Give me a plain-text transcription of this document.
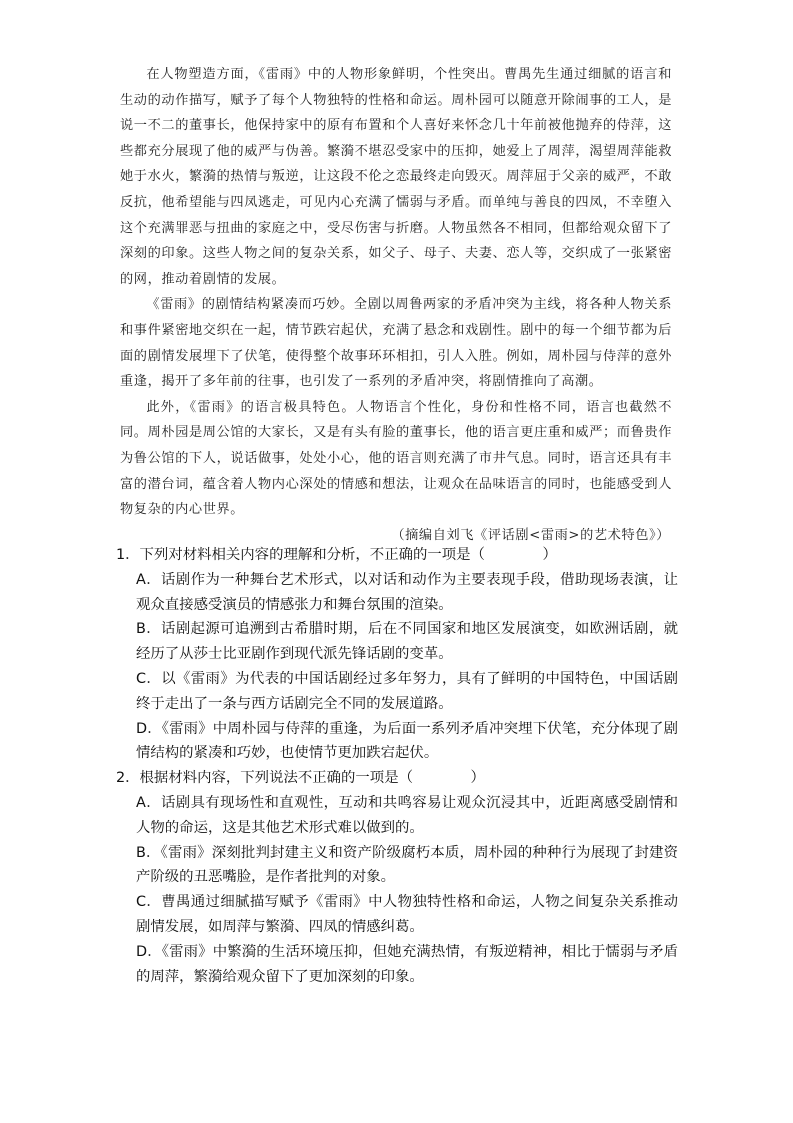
在人物塑造方面，《雷雨》中的人物形象鲜明，个性突出。曹禺先生通过细腻的语言和生动的动作描写，赋予了每个人物独特的性格和命运。周朴园可以随意开除闹事的工人，是说一不二的董事长，他保持家中的原有布置和个人喜好来怀念几十年前被他抛弃的侍萍，这些都充分展现了他的威严与伪善。繁漪不堪忍受家中的压抑，她爱上了周萍，渴望周萍能救她于水火，繁漪的热情与叛逆，让这段不伦之恋最终走向毁灭。周萍屈于父亲的威严，不敢反抗，他希望能与四凤逃走，可见内心充满了懦弱与矛盾。而单纯与善良的四凤，不幸堕入这个充满罪恶与扭曲的家庭之中，受尽伤害与折磨。人物虽然各不相同，但都给观众留下了深刻的印象。这些人物之间的复杂关系，如父子、母子、夫妻、恋人等，交织成了一张紧密的网，推动着剧情的发展。

《雷雨》的剧情结构紧凑而巧妙。全剧以周鲁两家的矛盾冲突为主线，将各种人物关系和事件紧密地交织在一起，情节跌宕起伏，充满了悬念和戏剧性。剧中的每一个细节都为后面的剧情发展埋下了伏笔，使得整个故事环环相扣，引人入胜。例如，周朴园与侍萍的意外重逢，揭开了多年前的往事，也引发了一系列的矛盾冲突，将剧情推向了高潮。

此外，《雷雨》的语言极具特色。人物语言个性化，身份和性格不同，语言也截然不同。周朴园是周公馆的大家长，又是有头有脸的董事长，他的语言更庄重和威严；而鲁贵作为鲁公馆的下人，说话做事，处处小心，他的语言则充满了市井气息。同时，语言还具有丰富的潜台词，蕴含着人物内心深处的情感和想法，让观众在品味语言的同时，也能感受到人物复杂的内心世界。

（摘编自刘飞《评话剧<雷雨>的艺术特色》）

1．下列对材料相关内容的理解和分析，不正确的一项是（　　　　）

A．话剧作为一种舞台艺术形式，以对话和动作为主要表现手段，借助现场表演，让观众直接感受演员的情感张力和舞台氛围的渲染。

B．话剧起源可追溯到古希腊时期，后在不同国家和地区发展演变，如欧洲话剧，就经历了从莎士比亚剧作到现代派先锋话剧的变革。

C．以《雷雨》为代表的中国话剧经过多年努力，具有了鲜明的中国特色，中国话剧终于走出了一条与西方话剧完全不同的发展道路。

D．《雷雨》中周朴园与侍萍的重逢，为后面一系列矛盾冲突埋下伏笔，充分体现了剧情结构的紧凑和巧妙，也使情节更加跌宕起伏。

2．根据材料内容，下列说法不正确的一项是（　　　　）

A．话剧具有现场性和直观性，互动和共鸣容易让观众沉浸其中，近距离感受剧情和人物的命运，这是其他艺术形式难以做到的。

B．《雷雨》深刻批判封建主义和资产阶级腐朽本质，周朴园的种种行为展现了封建资产阶级的丑恶嘴脸，是作者批判的对象。

C．曹禺通过细腻描写赋予《雷雨》中人物独特性格和命运，人物之间复杂关系推动剧情发展，如周萍与繁漪、四凤的情感纠葛。

D．《雷雨》中繁漪的生活环境压抑，但她充满热情，有叛逆精神，相比于懦弱与矛盾的周萍，繁漪给观众留下了更加深刻的印象。
